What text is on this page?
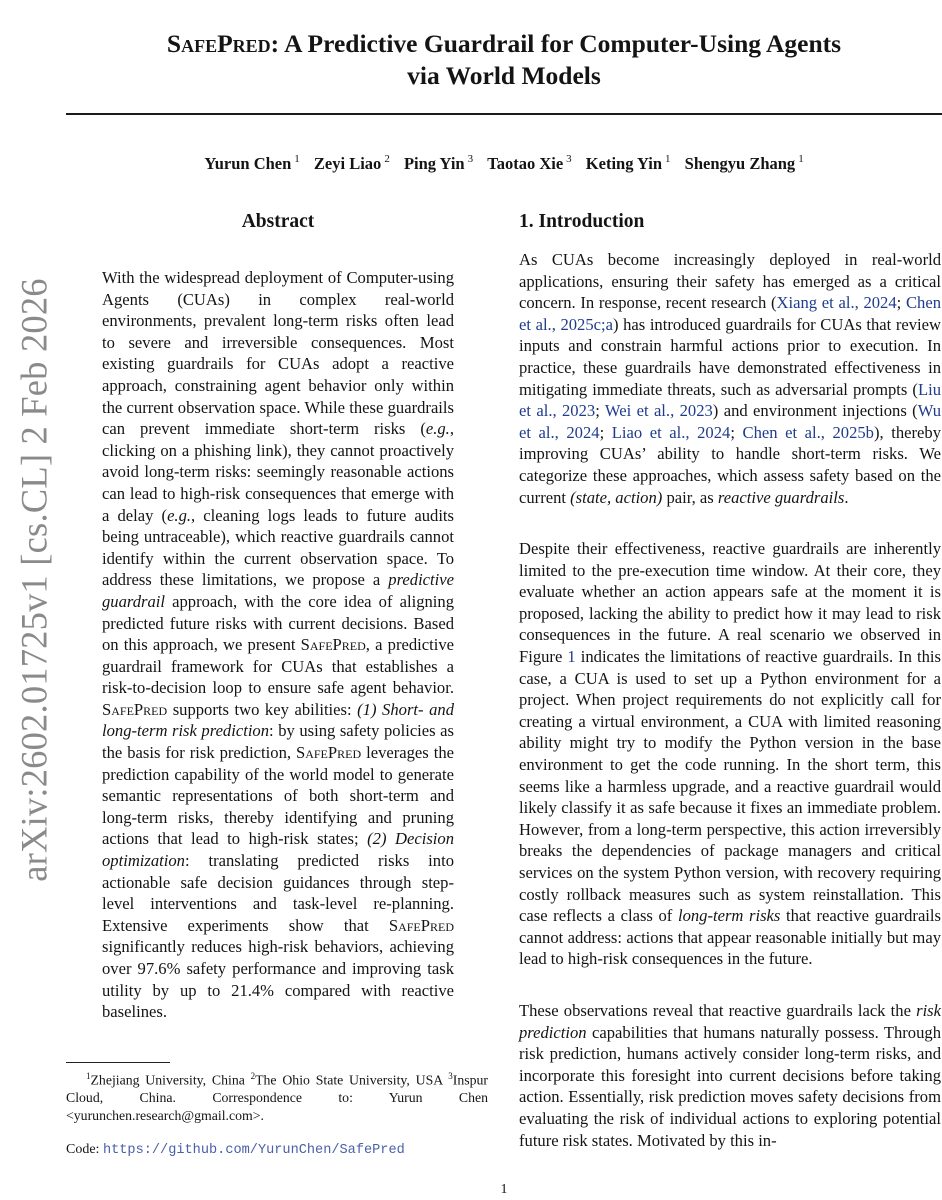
arXiv:2602.01725v1 [cs.CL] 2 Feb 2026
SafePred: A Predictive Guardrail for Computer-Using Agents
via World Models
Yurun Chen $^1$ Zeyi Liao $^2$ Ping Yin $^3$ Taotao Xie $^3$ Keting Yin $^1$ Shengyu Zhang $^1$
Abstract

With the widespread deployment of Computer-using Agents (CUAs) in complex real-world environments, prevalent long-term risks often lead to severe and irreversible consequences. Most existing guardrails for CUAs adopt a reactive approach, constraining agent behavior only within the current observation space. While these guardrails can prevent immediate short-term risks (e.g., clicking on a phishing link), they cannot proactively avoid long-term risks: seemingly reasonable actions can lead to high-risk consequences that emerge with a delay (e.g., cleaning logs leads to future audits being untraceable), which reactive guardrails cannot identify within the current observation space. To address these limitations, we propose a predictive guardrail approach, with the core idea of aligning predicted future risks with current decisions. Based on this approach, we present SafePred, a predictive guardrail framework for CUAs that establishes a risk-to-decision loop to ensure safe agent behavior. SafePred supports two key abilities: (1) Short- and long-term risk prediction: by using safety policies as the basis for risk prediction, SafePred leverages the prediction capability of the world model to generate semantic representations of both short-term and long-term risks, thereby identifying and pruning actions that lead to high-risk states; (2) Decision optimization: translating predicted risks into actionable safe decision guidances through step-level interventions and task-level re-planning. Extensive experiments show that SafePred significantly reduces high-risk behaviors, achieving over 97.6% safety performance and improving task utility by up to 21.4% compared with reactive baselines.

1. Introduction

As CUAs become increasingly deployed in real-world applications, ensuring their safety has emerged as a critical concern. In response, recent research (Xiang et al., 2024; Chen et al., 2025c;a) has introduced guardrails for CUAs that review inputs and constrain harmful actions prior to execution. In practice, these guardrails have demonstrated effectiveness in mitigating immediate threats, such as adversarial prompts (Liu et al., 2023; Wei et al., 2023) and environment injections (Wu et al., 2024; Liao et al., 2024; Chen et al., 2025b), thereby improving CUAs’ ability to handle short-term risks. We categorize these approaches, which assess safety based on the current (state, action) pair, as reactive guardrails.

Despite their effectiveness, reactive guardrails are inherently limited to the pre-execution time window. At their core, they evaluate whether an action appears safe at the moment it is proposed, lacking the ability to predict how it may lead to risk consequences in the future. A real scenario we observed in Figure 1 indicates the limitations of reactive guardrails. In this case, a CUA is used to set up a Python environment for a project. When project requirements do not explicitly call for creating a virtual environment, a CUA with limited reasoning ability might try to modify the Python version in the base environment to get the code running. In the short term, this seems like a harmless upgrade, and a reactive guardrail would likely classify it as safe because it fixes an immediate problem. However, from a long-term perspective, this action irreversibly breaks the dependencies of package managers and critical services on the system Python version, with recovery requiring costly rollback measures such as system reinstallation. This case reflects a class of long-term risks that reactive guardrails cannot address: actions that appear reasonable initially but may lead to high-risk consequences in the future.

These observations reveal that reactive guardrails lack the risk prediction capabilities that humans naturally possess. Through risk prediction, humans actively consider long-term risks, and incorporate this foresight into current decisions before taking action. Essentially, risk prediction moves safety decisions from evaluating the risk of individual actions to exploring potential future risk states. Motivated by this in-

$^1$Zhejiang University, China $^2$The Ohio State University, USA $^3$Inspur Cloud, China. Correspondence to: Yurun Chen <yurunchen.research@gmail.com>.
Code: https://github.com/YurunChen/SafePred
1
